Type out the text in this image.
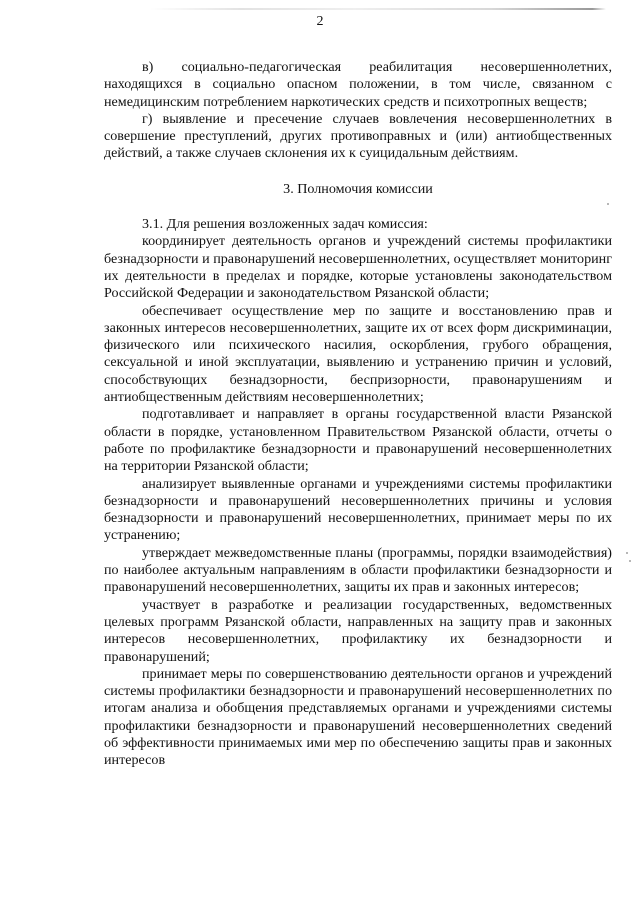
2

в) социально-педагогическая реабилитация несовершеннолетних, находящихся в социально опасном положении, в том числе, связанном с немедицинским потреблением наркотических средств и психотропных веществ;

г) выявление и пресечение случаев вовлечения несовершеннолетних в совершение преступлений, других противоправных и (или) антиобщественных действий, а также случаев склонения их к суицидальным действиям.

3. Полномочия комиссии

3.1. Для решения возложенных задач комиссия:

координирует деятельность органов и учреждений системы профилактики безнадзорности и правонарушений несовершеннолетних, осуществляет мониторинг их деятельности в пределах и порядке, которые установлены законодательством Российской Федерации и законодательством Рязанской области;

обеспечивает осуществление мер по защите и восстановлению прав и законных интересов несовершеннолетних, защите их от всех форм дискриминации, физического или психического насилия, оскорбления, грубого обращения, сексуальной и иной эксплуатации, выявлению и устранению причин и условий, способствующих безнадзорности, беспризорности, правонарушениям и антиобщественным действиям несовершеннолетних;

подготавливает и направляет в органы государственной власти Рязанской области в порядке, установленном Правительством Рязанской области, отчеты о работе по профилактике безнадзорности и правонарушений несовершеннолетних на территории Рязанской области;

анализирует выявленные органами и учреждениями системы профилактики безнадзорности и правонарушений несовершеннолетних причины и условия безнадзорности и правонарушений несовершеннолетних, принимает меры по их устранению;

утверждает межведомственные планы (программы, порядки взаимодействия) по наиболее актуальным направлениям в области профилактики безнадзорности и правонарушений несовершеннолетних, защиты их прав и законных интересов;

участвует в разработке и реализации государственных, ведомственных целевых программ Рязанской области, направленных на защиту прав и законных интересов несовершеннолетних, профилактику их безнадзорности и правонарушений;

принимает меры по совершенствованию деятельности органов и учреждений системы профилактики безнадзорности и правонарушений несовершеннолетних по итогам анализа и обобщения представляемых органами и учреждениями системы профилактики безнадзорности и правонарушений несовершеннолетних сведений об эффективности принимаемых ими мер по обеспечению защиты прав и законных интересов
